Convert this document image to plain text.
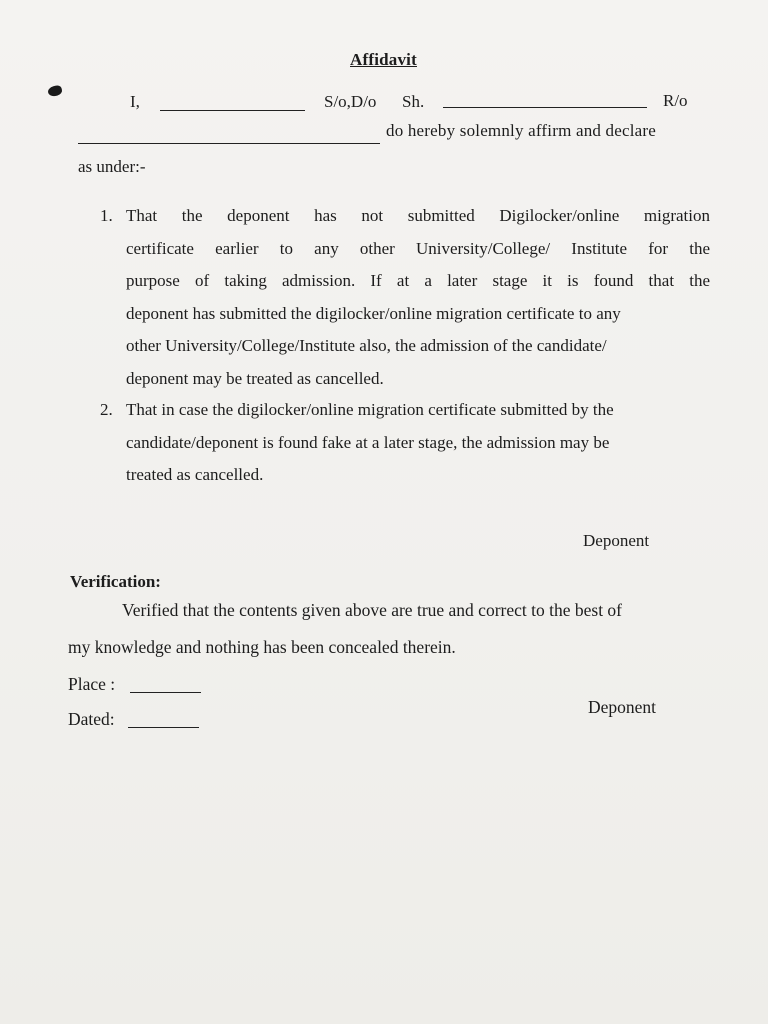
Affidavit
I,	S/o,D/o Sh.	R/o
do hereby solemnly affirm and declare
as under:-
1. That the deponent has not submitted Digilocker/online migration
certificate earlier to any other University/College/ Institute for the
purpose of taking admission. If at a later stage it is found that the
deponent has submitted the digilocker/online migration certificate to any
other University/College/Institute also, the admission of the candidate/
deponent may be treated as cancelled.
2. That in case the digilocker/online migration certificate submitted by the
candidate/deponent is found fake at a later stage, the admission may be
treated as cancelled.
Deponent
Verification:
Verified that the contents given above are true and correct to the best of
my knowledge and nothing has been concealed therein.
Place :
Dated:
Deponent
